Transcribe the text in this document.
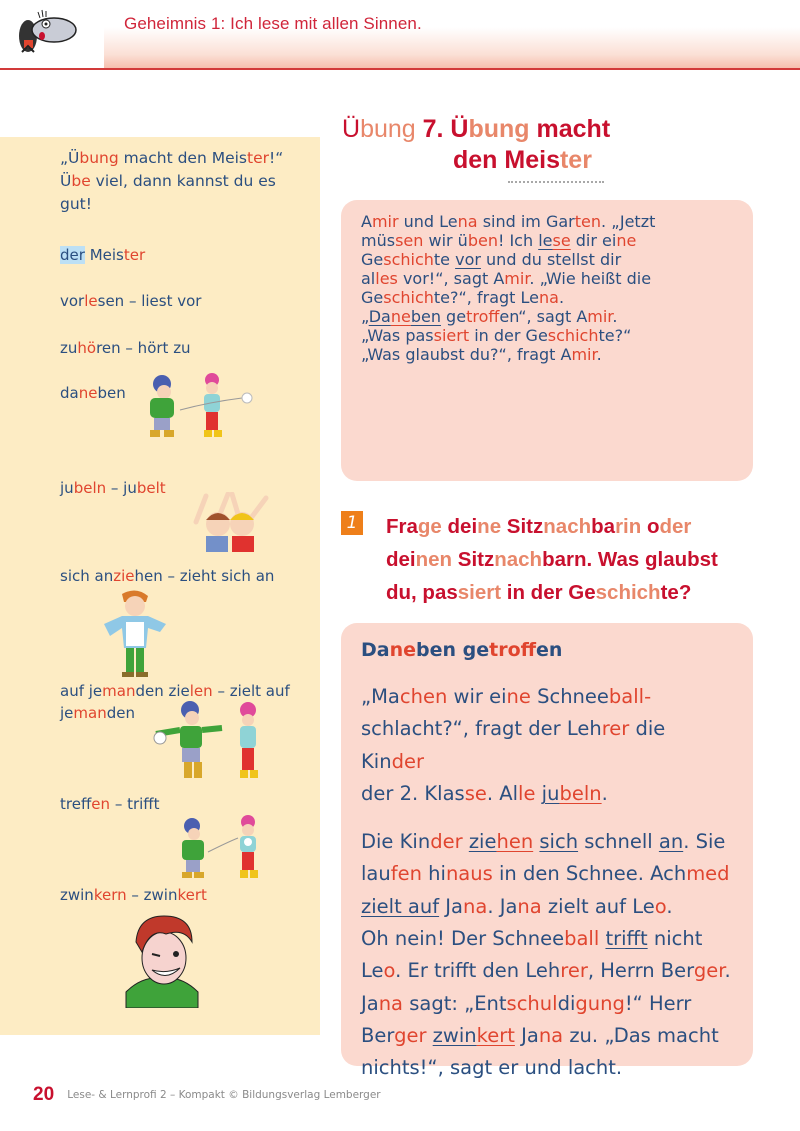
Geheimnis 1: Ich lese mit allen Sinnen.
„Übung macht den Meister!“
Übe viel, dann kannst du es
gut!
der Meister
vorlesen – liest vor
zuhören – hört zu
daneben
jubeln – jubelt
sich anziehen – zieht sich an
auf jemanden zielen – zielt auf
jemanden
treffen – trifft
zwinkern – zwinkert
Übung 7. Übung macht
den Meister
Amir und Lena sind im Garten. „Jetzt
müssen wir üben! Ich lese dir eine
Geschichte vor und du stellst dir
alles vor!“, sagt Amir. „Wie heißt die
Geschichte?“, fragt Lena.
„Daneben getroffen“, sagt Amir.
„Was passiert in der Geschichte?“
„Was glaubst du?“, fragt Amir.
1 Frage deine Sitznachbarin oder
deinen Sitznachbarn. Was glaubst
du, passiert in der Geschichte?
Daneben getroffen
„Machen wir eine Schneeball-
schlacht?“, fragt der Lehrer die Kinder
der 2. Klasse. Alle jubeln.
Die Kinder ziehen sich schnell an. Sie
laufen hinaus in den Schnee. Achmed
zielt auf Jana. Jana zielt auf Leo.
Oh nein! Der Schneeball trifft nicht
Leo. Er trifft den Lehrer, Herrn Berger.
Jana sagt: „Entschuldigung!“ Herr
Berger zwinkert Jana zu. „Das macht
nichts!“, sagt er und lacht.
20 Lese- & Lernprofi 2 – Kompakt © Bildungsverlag Lemberger
